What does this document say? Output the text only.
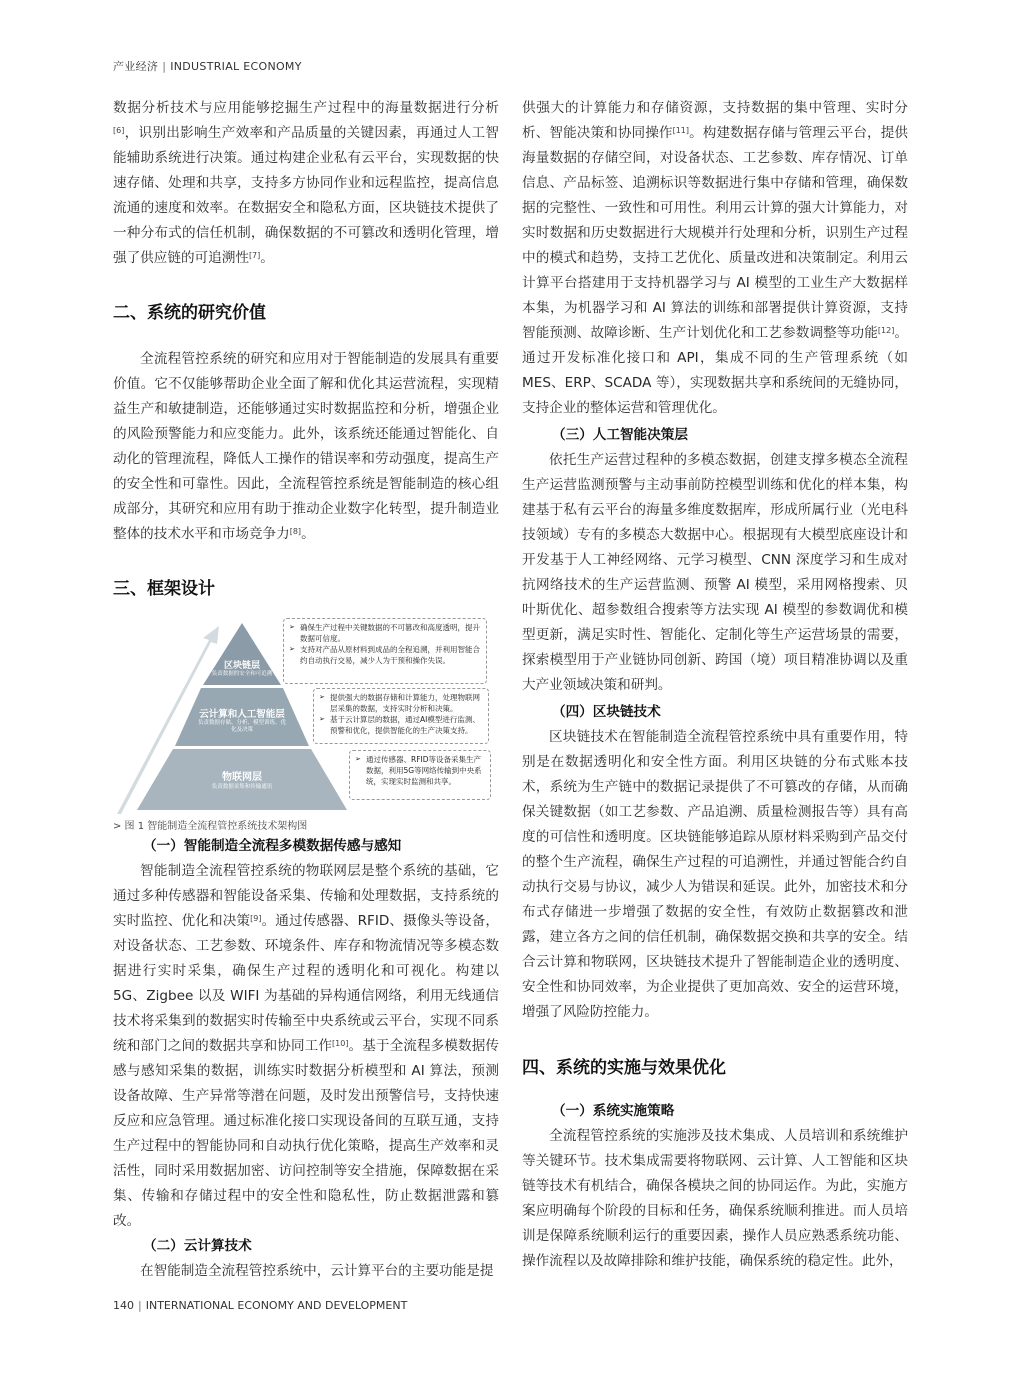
产业经济 | INDUSTRIAL ECONOMY

数据分析技术与应用能够挖掘生产过程中的海量数据进行分析[6]，识别出影响生产效率和产品质量的关键因素，再通过人工智能辅助系统进行决策。通过构建企业私有云平台，实现数据的快速存储、处理和共享，支持多方协同作业和远程监控，提高信息流通的速度和效率。在数据安全和隐私方面，区块链技术提供了一种分布式的信任机制，确保数据的不可篡改和透明化管理，增强了供应链的可追溯性[7]。

二、系统的研究价值

全流程管控系统的研究和应用对于智能制造的发展具有重要价值。它不仅能够帮助企业全面了解和优化其运营流程，实现精益生产和敏捷制造，还能够通过实时数据监控和分析，增强企业的风险预警能力和应变能力。此外，该系统还能通过智能化、自动化的管理流程，降低人工操作的错误率和劳动强度，提高生产的安全性和可靠性。因此，全流程管控系统是智能制造的核心组成部分，其研究和应用有助于推动企业数字化转型，提升制造业整体的技术水平和市场竞争力[8]。

三、框架设计
区块链层
负责数据的安全和可追溯
云计算和人工智能层
负责数据存储、分析、模型训练、优化及决策
物联网层
负责数据采集和传输通讯
➢ 确保生产过程中关键数据的不可篡改和高度透明，提升数据可信度。
➢ 支持对产品从原材料到成品的全程追溯，并利用智能合约自动执行交易，减少人为干预和操作失误。
➢ 提供强大的数据存储和计算能力，处理物联网层采集的数据，支持实时分析和决策。
➢ 基于云计算层的数据，通过AI模型进行监测、预警和优化，提供智能化的生产决策支持。
➢ 通过传感器、RFID等设备采集生产数据，利用5G等网络传输到中央系统，实现实时监测和共享。
> 图 1 智能制造全流程管控系统技术架构图
（一）智能制造全流程多模数据传感与感知

智能制造全流程管控系统的物联网层是整个系统的基础，它通过多种传感器和智能设备采集、传输和处理数据，支持系统的实时监控、优化和决策[9]。通过传感器、RFID、摄像头等设备，对设备状态、工艺参数、环境条件、库存和物流情况等多模态数据进行实时采集，确保生产过程的透明化和可视化。构建以 5G、Zigbee 以及 WIFI 为基础的异构通信网络，利用无线通信技术将采集到的数据实时传输至中央系统或云平台，实现不同系统和部门之间的数据共享和协同工作[10]。基于全流程多模数据传感与感知采集的数据，训练实时数据分析模型和 AI 算法，预测设备故障、生产异常等潜在问题，及时发出预警信号，支持快速反应和应急管理。通过标准化接口实现设备间的互联互通，支持生产过程中的智能协同和自动执行优化策略，提高生产效率和灵活性，同时采用数据加密、访问控制等安全措施，保障数据在采集、传输和存储过程中的安全性和隐私性，防止数据泄露和篡改。

（二）云计算技术

在智能制造全流程管控系统中，云计算平台的主要功能是提

供强大的计算能力和存储资源，支持数据的集中管理、实时分析、智能决策和协同操作[11]。构建数据存储与管理云平台，提供海量数据的存储空间，对设备状态、工艺参数、库存情况、订单信息、产品标签、追溯标识等数据进行集中存储和管理，确保数据的完整性、一致性和可用性。利用云计算的强大计算能力，对实时数据和历史数据进行大规模并行处理和分析，识别生产过程中的模式和趋势，支持工艺优化、质量改进和决策制定。利用云计算平台搭建用于支持机器学习与 AI 模型的工业生产大数据样本集，为机器学习和 AI 算法的训练和部署提供计算资源，支持智能预测、故障诊断、生产计划优化和工艺参数调整等功能[12]。通过开发标准化接口和 API，集成不同的生产管理系统（如 MES、ERP、SCADA 等），实现数据共享和系统间的无缝协同，支持企业的整体运营和管理优化。

（三）人工智能决策层

依托生产运营过程种的多模态数据，创建支撑多模态全流程生产运营监测预警与主动事前防控模型训练和优化的样本集，构建基于私有云平台的海量多维度数据库，形成所属行业（光电科技领域）专有的多模态大数据中心。根据现有大模型底座设计和开发基于人工神经网络、元学习模型、CNN 深度学习和生成对抗网络技术的生产运营监测、预警 AI 模型，采用网格搜索、贝叶斯优化、超参数组合搜索等方法实现 AI 模型的参数调优和模型更新，满足实时性、智能化、定制化等生产运营场景的需要，探索模型用于产业链协同创新、跨国（境）项目精准协调以及重大产业领域决策和研判。

（四）区块链技术

区块链技术在智能制造全流程管控系统中具有重要作用，特别是在数据透明化和安全性方面。利用区块链的分布式账本技术，系统为生产链中的数据记录提供了不可篡改的存储，从而确保关键数据（如工艺参数、产品追溯、质量检测报告等）具有高度的可信性和透明度。区块链能够追踪从原材料采购到产品交付的整个生产流程，确保生产过程的可追溯性，并通过智能合约自动执行交易与协议，减少人为错误和延误。此外，加密技术和分布式存储进一步增强了数据的安全性，有效防止数据篡改和泄露，建立各方之间的信任机制，确保数据交换和共享的安全。结合云计算和物联网，区块链技术提升了智能制造企业的透明度、安全性和协同效率，为企业提供了更加高效、安全的运营环境，增强了风险防控能力。

四、系统的实施与效果优化
（一）系统实施策略

全流程管控系统的实施涉及技术集成、人员培训和系统维护等关键环节。技术集成需要将物联网、云计算、人工智能和区块链等技术有机结合，确保各模块之间的协同运作。为此，实施方案应明确每个阶段的目标和任务，确保系统顺利推进。而人员培训是保障系统顺利运行的重要因素，操作人员应熟悉系统功能、操作流程以及故障排除和维护技能，确保系统的稳定性。此外，

140 | INTERNATIONAL ECONOMY AND DEVELOPMENT
